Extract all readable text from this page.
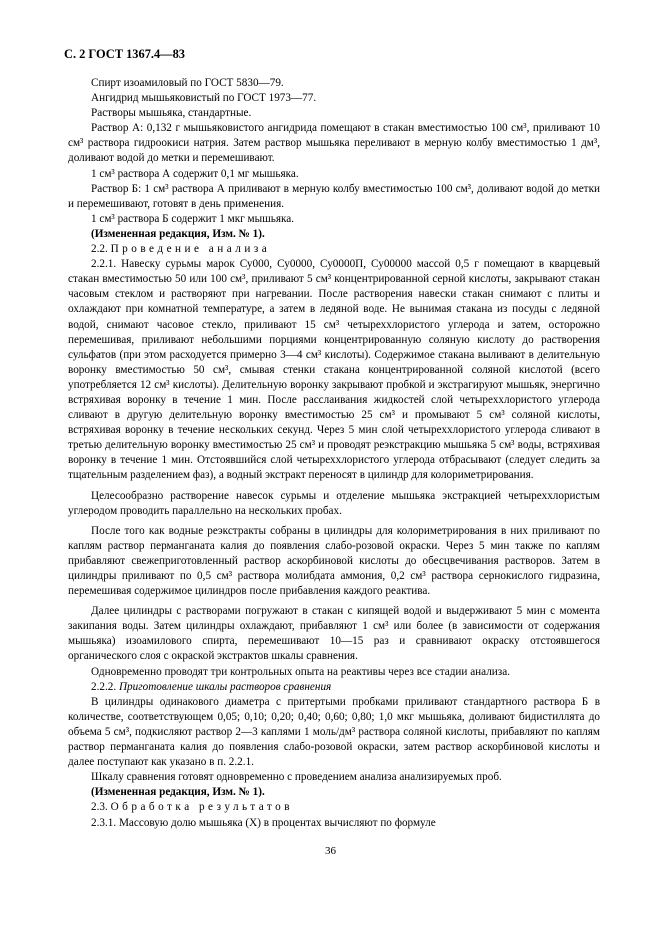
С. 2 ГОСТ 1367.4—83

Спирт изоамиловый по ГОСТ 5830—79.

Ангидрид мышьяковистый по ГОСТ 1973—77.

Растворы мышьяка, стандартные.

Раствор А: 0,132 г мышьяковистого ангидрида помещают в стакан вместимостью 100 см³, приливают 10 см³ раствора гидроокиси натрия. Затем раствор мышьяка переливают в мерную колбу вместимостью 1 дм³, доливают водой до метки и перемешивают.

1 см³ раствора А содержит 0,1 мг мышьяка.

Раствор Б: 1 см³ раствора А приливают в мерную колбу вместимостью 100 см³, доливают водой до метки и перемешивают, готовят в день применения.

1 см³ раствора Б содержит 1 мкг мышьяка.

(Измененная редакция, Изм. № 1).

2.2. Проведение анализа

2.2.1. Навеску сурьмы марок Су000, Су0000, Су0000П, Су00000 массой 0,5 г помещают в кварцевый стакан вместимостью 50 или 100 см³, приливают 5 см³ концентрированной серной кислоты, закрывают стакан часовым стеклом и растворяют при нагревании. После растворения навески стакан снимают с плиты и охлаждают при комнатной температуре, а затем в ледяной воде. Не вынимая стакана из посуды с ледяной водой, снимают часовое стекло, приливают 15 см³ четыреххлористого углерода и затем, осторожно перемешивая, приливают небольшими порциями концентрированную соляную кислоту до растворения сульфатов (при этом расходуется примерно 3—4 см³ кислоты). Содержимое стакана выливают в делительную воронку вместимостью 50 см³, смывая стенки стакана концентрированной соляной кислотой (всего употребляется 12 см³ кислоты). Делительную воронку закрывают пробкой и экстрагируют мышьяк, энергично встряхивая воронку в течение 1 мин. После расслаивания жидкостей слой четыреххлористого углерода сливают в другую делительную воронку вместимостью 25 см³ и промывают 5 см³ соляной кислоты, встряхивая воронку в течение нескольких секунд. Через 5 мин слой четыреххлористого углерода сливают в третью делительную воронку вместимостью 25 см³ и проводят реэкстракцию мышьяка 5 см³ воды, встряхивая воронку в течение 1 мин. Отстоявшийся слой четыреххлористого углерода отбрасывают (следует следить за тщательным разделением фаз), а водный экстракт переносят в цилиндр для колориметрирования.

Целесообразно растворение навесок сурьмы и отделение мышьяка экстракцией четыреххлористым углеродом проводить параллельно на нескольких пробах.

После того как водные реэкстракты собраны в цилиндры для колориметрирования в них приливают по каплям раствор перманганата калия до появления слабо-розовой окраски. Через 5 мин также по каплям прибавляют свежеприготовленный раствор аскорбиновой кислоты до обесцвечивания растворов. Затем в цилиндры приливают по 0,5 см³ раствора молибдата аммония, 0,2 см³ раствора сернокислого гидразина, перемешивая содержимое цилиндров после прибавления каждого реактива.

Далее цилиндры с растворами погружают в стакан с кипящей водой и выдерживают 5 мин с момента закипания воды. Затем цилиндры охлаждают, прибавляют 1 см³ или более (в зависимости от содержания мышьяка) изоамилового спирта, перемешивают 10—15 раз и сравнивают окраску отстоявшегося органического слоя с окраской экстрактов шкалы сравнения.

Одновременно проводят три контрольных опыта на реактивы через все стадии анализа.

2.2.2. Приготовление шкалы растворов сравнения

В цилиндры одинакового диаметра с притертыми пробками приливают стандартного раствора Б в количестве, соответствующем 0,05; 0,10; 0,20; 0,40; 0,60; 0,80; 1,0 мкг мышьяка, доливают бидистиллята до объема 5 см³, подкисляют раствор 2—3 каплями 1 моль/дм³ раствора соляной кислоты, прибавляют по каплям раствор перманганата калия до появления слабо-розовой окраски, затем раствор аскорбиновой кислоты и далее поступают как указано в п. 2.2.1.

Шкалу сравнения готовят одновременно с проведением анализа анализируемых проб.

(Измененная редакция, Изм. № 1).

2.3. Обработка результатов

2.3.1. Массовую долю мышьяка (X) в процентах вычисляют по формуле

36
